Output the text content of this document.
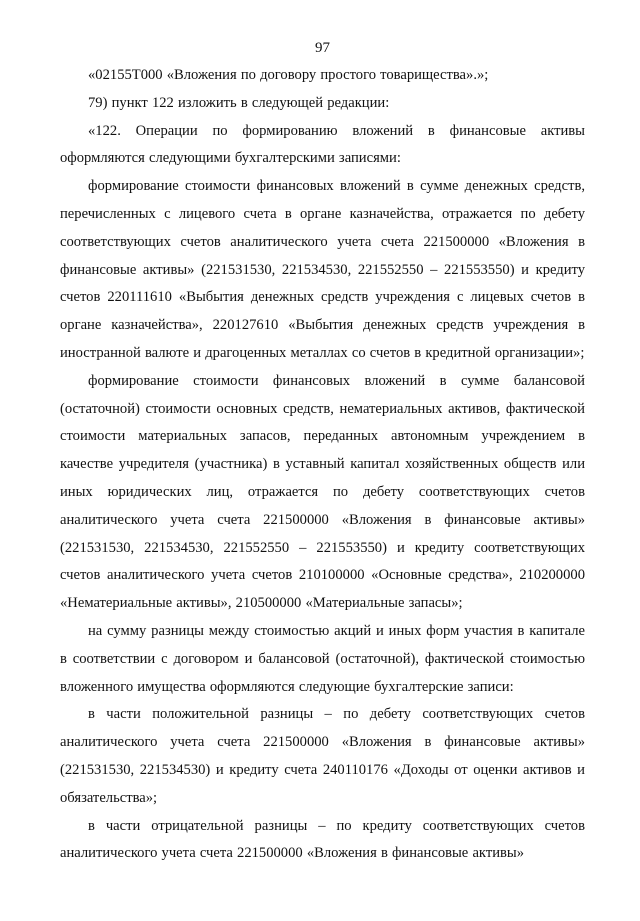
97

«02155Т000 «Вложения по договору простого товарищества».»;

79) пункт 122 изложить в следующей редакции:

«122. Операции по формированию вложений в финансовые активы оформляются следующими бухгалтерскими записями:

формирование стоимости финансовых вложений в сумме денежных средств, перечисленных с лицевого счета в органе казначейства, отражается по дебету соответствующих счетов аналитического учета счета 221500000 «Вложения в финансовые активы» (221531530, 221534530, 221552550 – 221553550) и кредиту счетов 220111610 «Выбытия денежных средств учреждения с лицевых счетов в органе казначейства», 220127610 «Выбытия денежных средств учреждения в иностранной валюте и драгоценных металлах со счетов в кредитной организации»;

формирование стоимости финансовых вложений в сумме балансовой (остаточной) стоимости основных средств, нематериальных активов, фактической стоимости материальных запасов, переданных автономным учреждением в качестве учредителя (участника) в уставный капитал хозяйственных обществ или иных юридических лиц, отражается по дебету соответствующих счетов аналитического учета счета 221500000 «Вложения в финансовые активы» (221531530, 221534530, 221552550 – 221553550) и кредиту соответствующих счетов аналитического учета счетов 210100000 «Основные средства», 210200000 «Нематериальные активы», 210500000 «Материальные запасы»;

на сумму разницы между стоимостью акций и иных форм участия в капитале в соответствии с договором и балансовой (остаточной), фактической стоимостью вложенного имущества оформляются следующие бухгалтерские записи:

в части положительной разницы – по дебету соответствующих счетов аналитического учета счета 221500000 «Вложения в финансовые активы» (221531530, 221534530) и кредиту счета 240110176 «Доходы от оценки активов и обязательства»;

в части отрицательной разницы – по кредиту соответствующих счетов аналитического учета счета 221500000 «Вложения в финансовые активы»
